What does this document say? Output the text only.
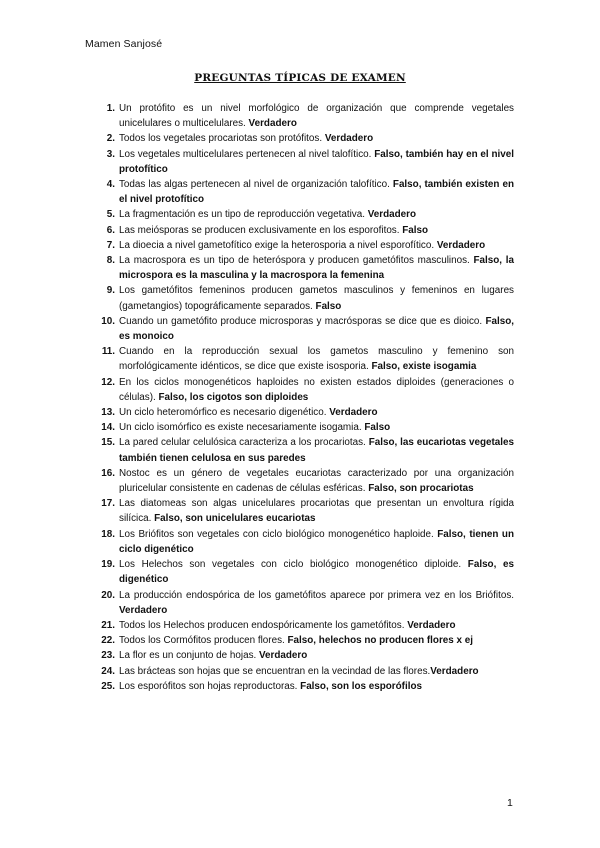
Mamen Sanjosé
PREGUNTAS TÍPICAS DE EXAMEN
1. Un protófito es un nivel morfológico de organización que comprende vegetales unicelulares o multicelulares. Verdadero
2. Todos los vegetales procariotas son protófitos. Verdadero
3. Los vegetales multicelulares pertenecen al nivel talofítico. Falso, también hay en el nivel protofítico
4. Todas las algas pertenecen al nivel de organización talofítico. Falso, también existen en el nivel protofítico
5. La fragmentación es un tipo de reproducción vegetativa. Verdadero
6. Las meiósporas se producen exclusivamente en los esporofitos. Falso
7. La dioecia a nivel gametofítico exige la heterosporia a nivel esporofítico. Verdadero
8. La macrospora es un tipo de heteróspora y producen gametófitos masculinos. Falso, la microspora es la masculina y la macrospora la femenina
9. Los gametófitos femeninos producen gametos masculinos y femeninos en lugares (gametangios) topográficamente separados. Falso
10. Cuando un gametófito produce microsporas y macrósporas se dice que es dioico. Falso, es monoico
11. Cuando en la reproducción sexual los gametos masculino y femenino son morfológicamente idénticos, se dice que existe isosporia. Falso, existe isogamia
12. En los ciclos monogenéticos haploides no existen estados diploides (generaciones o células). Falso, los cigotos son diploides
13. Un ciclo heteromórfico es necesario digenético. Verdadero
14. Un ciclo isomórfico es existe necesariamente isogamia. Falso
15. La pared celular celulósica caracteriza a los procariotas. Falso, las eucariotas vegetales también tienen celulosa en sus paredes
16. Nostoc es un género de vegetales eucariotas caracterizado por una organización pluricelular consistente en cadenas de células esféricas. Falso, son procariotas
17. Las diatomeas son algas unicelulares procariotas que presentan un envoltura rígida silícica. Falso, son unicelulares eucariotas
18. Los Briófitos son vegetales con ciclo biológico monogenético haploide. Falso, tienen un ciclo digenético
19. Los Helechos son vegetales con ciclo biológico monogenético diploide. Falso, es digenético
20. La producción endospórica de los gametófitos aparece por primera vez en los Briófitos. Verdadero
21. Todos los Helechos producen endospóricamente los gametófitos. Verdadero
22. Todos los Cormófitos producen flores. Falso, helechos no producen flores x ej
23. La flor es un conjunto de hojas. Verdadero
24. Las brácteas son hojas que se encuentran en la vecindad de las flores.Verdadero
25. Los esporófitos son hojas reproductoras. Falso, son los esporófilos
1
